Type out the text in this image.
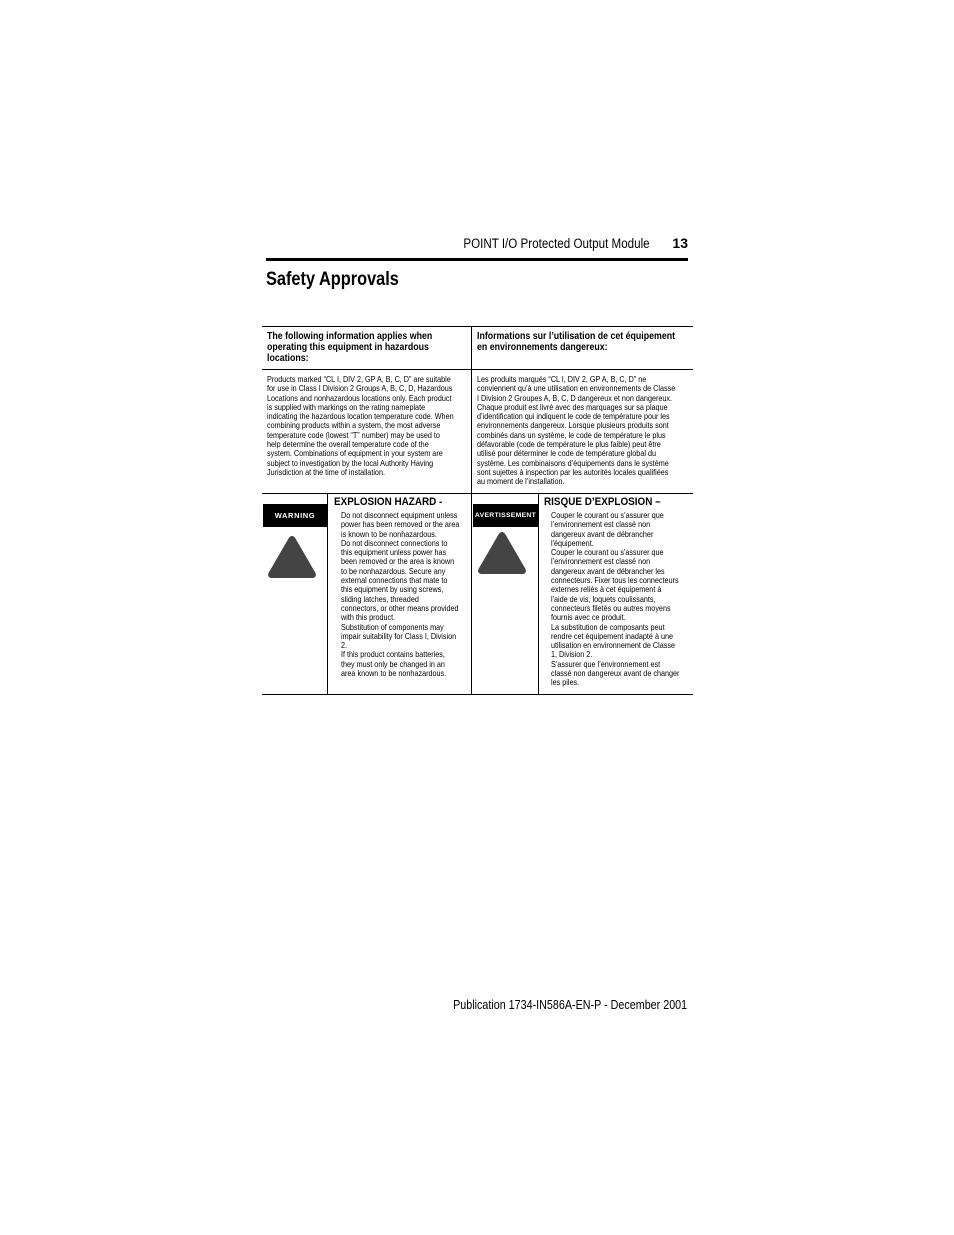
POINT I/O Protected Output Module 13
Safety Approvals
The following information applies when
operating this equipment in hazardous
locations:
Informations sur l’utilisation de cet équipement
en environnements dangereux:
Products marked “CL I, DIV 2, GP A, B, C, D” are suitable
for use in Class I Division 2 Groups A, B, C, D, Hazardous
Locations and nonhazardous locations only. Each product
is supplied with markings on the rating nameplate
indicating the hazardous location temperature code. When
combining products within a system, the most adverse
temperature code (lowest “T” number) may be used to
help determine the overall temperature code of the
system. Combinations of equipment in your system are
subject to investigation by the local Authority Having
Jurisdiction at the time of installation.
Les produits marqués “CL I, DIV 2, GP A, B, C, D” ne
conviennent qu’à une utilisation en environnements de Classe
I Division 2 Groupes A, B, C, D dangereux et non dangereux.
Chaque produit est livré avec des marquages sur sa plaque
d’identification qui indiquent le code de température pour les
environnements dangereux. Lorsque plusieurs produits sont
combinés dans un système, le code de température le plus
défavorable (code de température le plus faible) peut être
utilisé pour déterminer le code de température global du
système. Les combinaisons d’équipements dans le système
sont sujettes à inspection par les autorités locales qualifiées
au moment de l’installation.
WARNING
EXPLOSION HAZARD -
Do not disconnect equipment unless
power has been removed or the area
is known to be nonhazardous.
Do not disconnect connections to
this equipment unless power has
been removed or the area is known
to be nonhazardous. Secure any
external connections that mate to
this equipment by using screws,
sliding latches, threaded
connectors, or other means provided
with this product.
Substitution of components may
impair suitability for Class I, Division
2.
If this product contains batteries,
they must only be changed in an
area known to be nonhazardous.
AVERTISSEMENT
RISQUE D’EXPLOSION –
Couper le courant ou s’assurer que
l’environnement est classé non
dangereux avant de débrancher
l'équipement.
Couper le courant ou s'assurer que
l’environnement est classé non
dangereux avant de débrancher les
connecteurs. Fixer tous les connecteurs
externes reliés à cet équipement à
l'aide de vis, loquets coulissants,
connecteurs filetés ou autres moyens
fournis avec ce produit.
La substitution de composants peut
rendre cet équipement inadapté à une
utilisation en environnement de Classe
1, Division 2.
S’assurer que l’environnement est
classé non dangereux avant de changer
les piles.
Publication 1734-IN586A-EN-P - December 2001
